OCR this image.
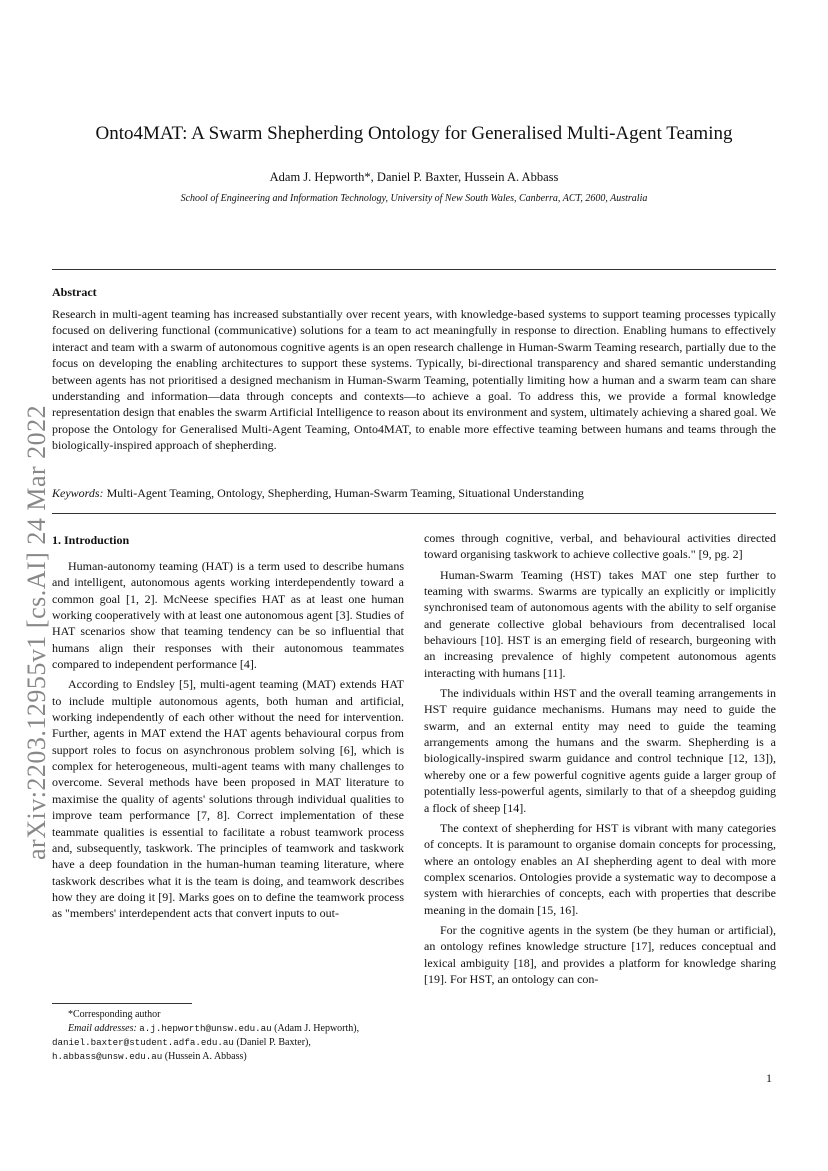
arXiv:2203.12955v1 [cs.AI] 24 Mar 2022
Onto4MAT: A Swarm Shepherding Ontology for Generalised Multi-Agent Teaming
Adam J. Hepworth*, Daniel P. Baxter, Hussein A. Abbass
School of Engineering and Information Technology, University of New South Wales, Canberra, ACT, 2600, Australia
Abstract
Research in multi-agent teaming has increased substantially over recent years, with knowledge-based systems to support teaming processes typically focused on delivering functional (communicative) solutions for a team to act meaningfully in response to direction. Enabling humans to effectively interact and team with a swarm of autonomous cognitive agents is an open research challenge in Human-Swarm Teaming research, partially due to the focus on developing the enabling architectures to support these systems. Typically, bi-directional transparency and shared semantic understanding between agents has not prioritised a designed mechanism in Human-Swarm Teaming, potentially limiting how a human and a swarm team can share understanding and information—data through concepts and contexts—to achieve a goal. To address this, we provide a formal knowledge representation design that enables the swarm Artificial Intelligence to reason about its environment and system, ultimately achieving a shared goal. We propose the Ontology for Generalised Multi-Agent Teaming, Onto4MAT, to enable more effective teaming between humans and teams through the biologically-inspired approach of shepherding.
Keywords: Multi-Agent Teaming, Ontology, Shepherding, Human-Swarm Teaming, Situational Understanding
1. Introduction

Human-autonomy teaming (HAT) is a term used to describe humans and intelligent, autonomous agents working interdependently toward a common goal [1, 2]. McNeese specifies HAT as at least one human working cooperatively with at least one autonomous agent [3]. Studies of HAT scenarios show that teaming tendency can be so influential that humans align their responses with their autonomous teammates compared to independent performance [4].

According to Endsley [5], multi-agent teaming (MAT) extends HAT to include multiple autonomous agents, both human and artificial, working independently of each other without the need for intervention. Further, agents in MAT extend the HAT agents behavioural corpus from support roles to focus on asynchronous problem solving [6], which is complex for heterogeneous, multi-agent teams with many challenges to overcome. Several methods have been proposed in MAT literature to maximise the quality of agents' solutions through individual qualities to improve team performance [7, 8]. Correct implementation of these teammate qualities is essential to facilitate a robust teamwork process and, subsequently, taskwork. The principles of teamwork and taskwork have a deep foundation in the human-human teaming literature, where taskwork describes what it is the team is doing, and teamwork describes how they are doing it [9]. Marks goes on to define the teamwork process as "members' interdependent acts that convert inputs to out-

comes through cognitive, verbal, and behavioural activities directed toward organising taskwork to achieve collective goals." [9, pg. 2]

Human-Swarm Teaming (HST) takes MAT one step further to teaming with swarms. Swarms are typically an explicitly or implicitly synchronised team of autonomous agents with the ability to self organise and generate collective global behaviours from decentralised local behaviours [10]. HST is an emerging field of research, burgeoning with an increasing prevalence of highly competent autonomous agents interacting with humans [11].

The individuals within HST and the overall teaming arrangements in HST require guidance mechanisms. Humans may need to guide the swarm, and an external entity may need to guide the teaming arrangements among the humans and the swarm. Shepherding is a biologically-inspired swarm guidance and control technique [12, 13]), whereby one or a few powerful cognitive agents guide a larger group of potentially less-powerful agents, similarly to that of a sheepdog guiding a flock of sheep [14].

The context of shepherding for HST is vibrant with many categories of concepts. It is paramount to organise domain concepts for processing, where an ontology enables an AI shepherding agent to deal with more complex scenarios. Ontologies provide a systematic way to decompose a system with hierarchies of concepts, each with properties that describe meaning in the domain [15, 16].

For the cognitive agents in the system (be they human or artificial), an ontology refines knowledge structure [17], reduces conceptual and lexical ambiguity [18], and provides a platform for knowledge sharing [19]. For HST, an ontology can con-

*Corresponding author
Email addresses: a.j.hepworth@unsw.edu.au (Adam J. Hepworth),
daniel.baxter@student.adfa.edu.au (Daniel P. Baxter),
h.abbass@unsw.edu.au (Hussein A. Abbass)
1
